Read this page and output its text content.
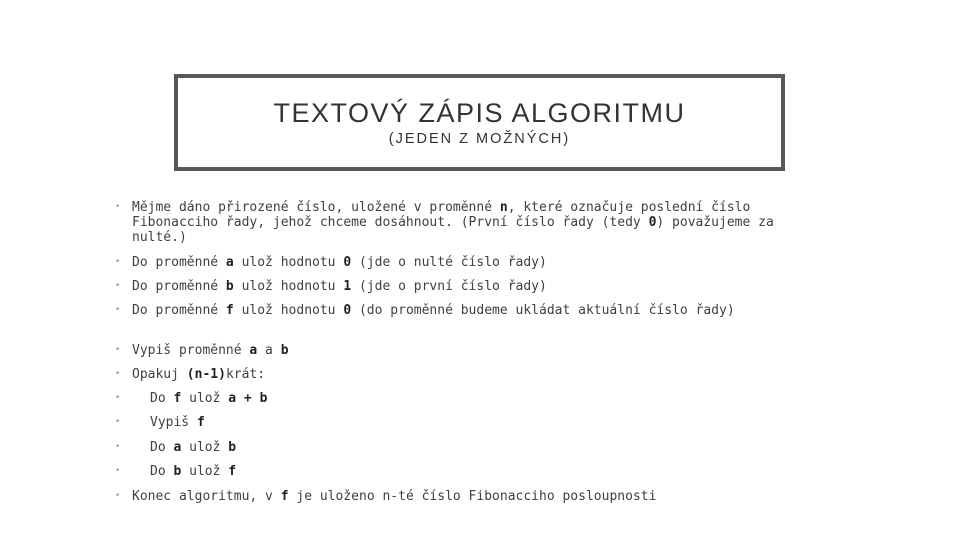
TEXTOVÝ ZÁPIS ALGORITMU
(JEDEN Z MOŽNÝCH)
• Mějme dáno přirozené číslo, uložené v proměnné n, které označuje poslední číslo Fibonacciho řady, jehož chceme dosáhnout. (První číslo řady (tedy 0) považujeme za nulté.)
• Do proměnné a ulož hodnotu 0 (jde o nulté číslo řady)
• Do proměnné b ulož hodnotu 1 (jde o první číslo řady)
• Do proměnné f ulož hodnotu 0 (do proměnné budeme ukládat aktuální číslo řady)
• Vypiš proměnné a a b
• Opakuj (n-1)krát:
• Do f ulož a + b
• Vypiš f
• Do a ulož b
• Do b ulož f
• Konec algoritmu, v f je uloženo n-té číslo Fibonacciho posloupnosti
